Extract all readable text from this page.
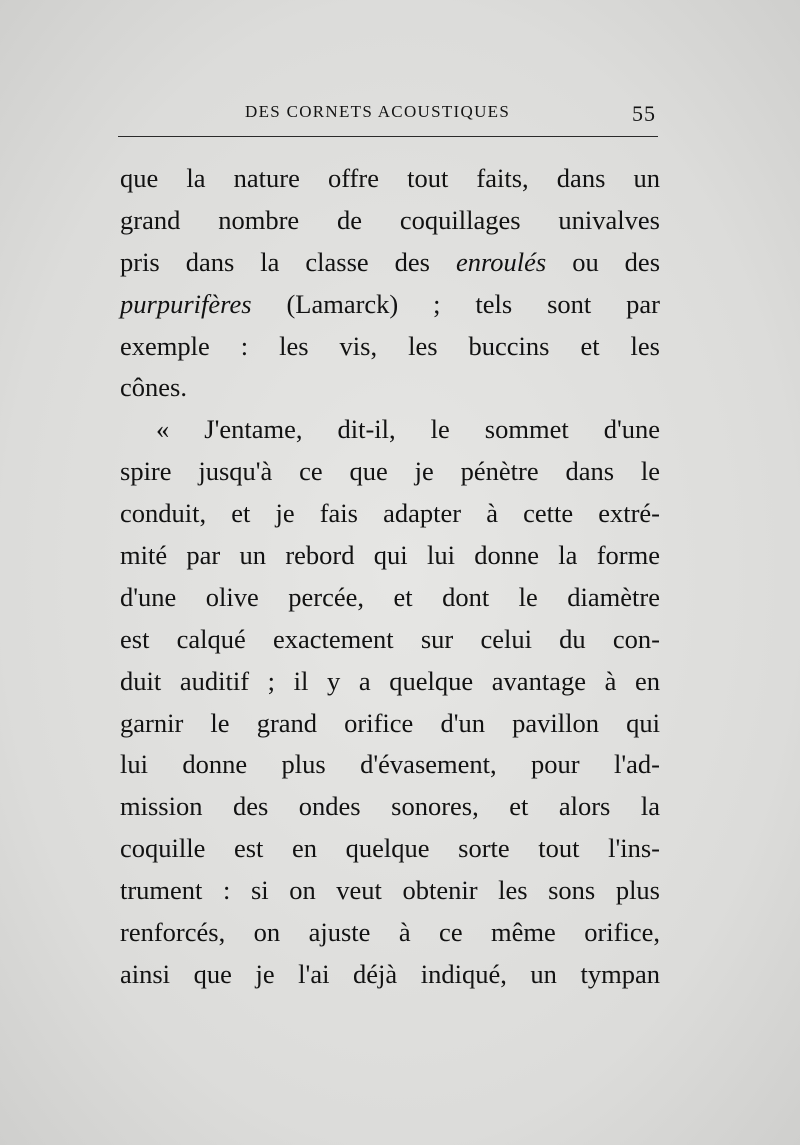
DES CORNETS ACOUSTIQUES	55
que la nature offre tout faits, dans un
grand nombre de coquillages univalves
pris dans la classe des enroulés ou des
purpurifères (Lamarck) ; tels sont par
exemple : les vis, les buccins et les
cônes.
« J'entame, dit-il, le sommet d'une
spire jusqu'à ce que je pénètre dans le
conduit, et je fais adapter à cette extré-
mité par un rebord qui lui donne la forme
d'une olive percée, et dont le diamètre
est calqué exactement sur celui du con-
duit auditif ; il y a quelque avantage à en
garnir le grand orifice d'un pavillon qui
lui donne plus d'évasement, pour l'ad-
mission des ondes sonores, et alors la
coquille est en quelque sorte tout l'ins-
trument : si on veut obtenir les sons plus
renforcés, on ajuste à ce même orifice,
ainsi que je l'ai déjà indiqué, un tympan
